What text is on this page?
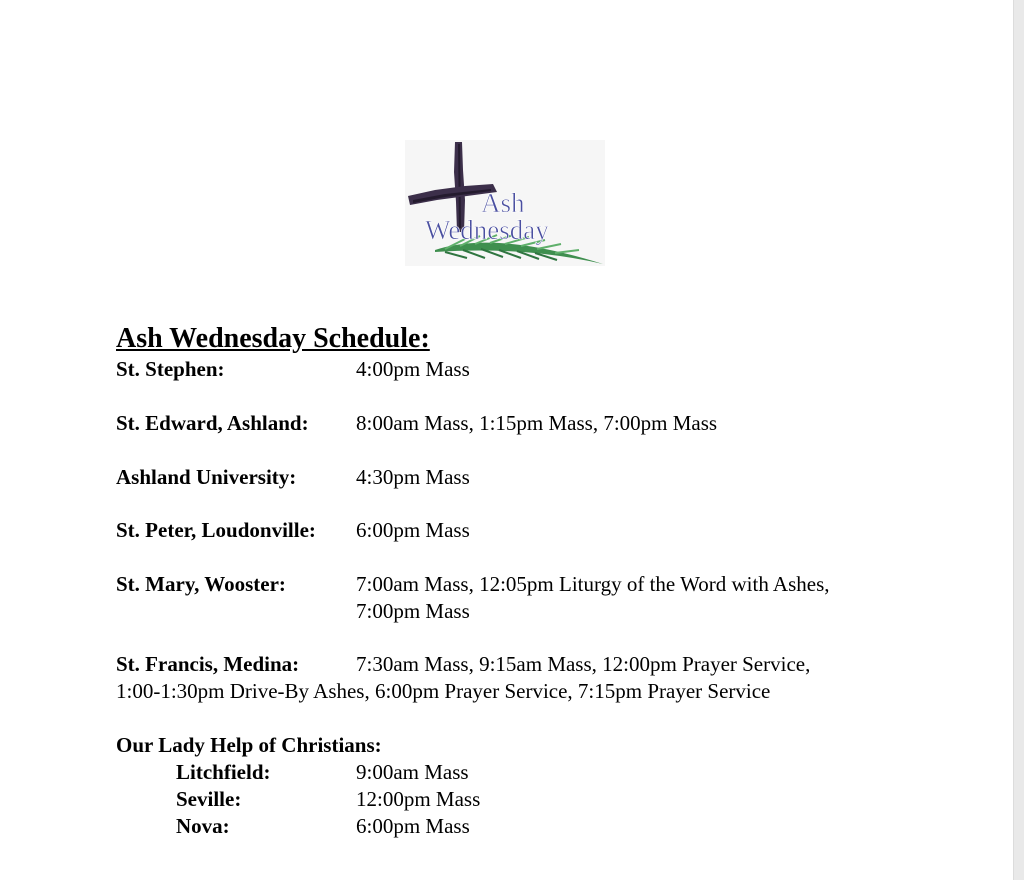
Ash
Wednesday
Ash Wednesday Schedule:
St. Stephen:	4:00pm Mass
St. Edward, Ashland: 8:00am Mass, 1:15pm Mass, 7:00pm Mass
Ashland University:	4:30pm Mass
St. Peter, Loudonville: 6:00pm Mass
St. Mary, Wooster:	7:00am Mass, 12:05pm Liturgy of the Word with Ashes,
7:00pm Mass
St. Francis, Medina:	7:30am Mass, 9:15am Mass, 12:00pm Prayer Service,
1:00-1:30pm Drive-By Ashes, 6:00pm Prayer Service, 7:15pm Prayer Service
Our Lady Help of Christians:
Litchfield:	9:00am Mass
Seville:	12:00pm Mass
Nova:	6:00pm Mass
